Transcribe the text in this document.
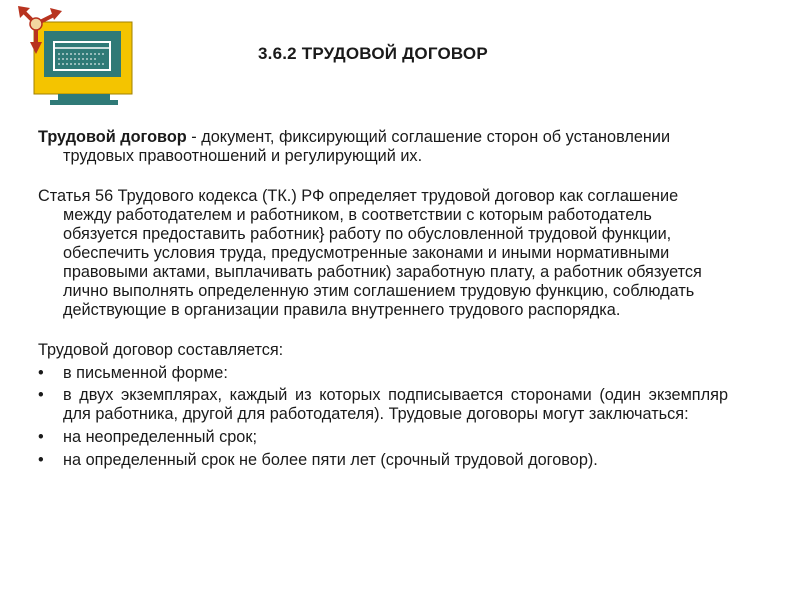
3.6.2 ТРУДОВОЙ ДОГОВОР

Трудовой договор - документ, фиксирующий соглашение сторон об установлении трудовых правоотношений и регулирующий их.

Статья 56 Трудового кодекса (ТК.) РФ определяет трудовой договор как соглашение между работодателем и работником, в соответствии с которым работодатель обязуется предоставить работник} работу по обусловленной трудовой функции, обеспечить условия труда, предусмотренные законами и иными нормативными правовыми актами, выплачивать работник) заработную плату, а работник обязуется лично выполнять определенную этим соглашением трудовую функцию, соблюдать действующие в организации правила внутреннего трудового распорядка.

Трудовой договор составляется:

• в письменной форме:
• в двух экземплярах, каждый из которых подписывается сторонами (один экземпляр для работника, другой для работодателя). Трудовые договоры могут заключаться:
• на неопределенный срок;
• на определенный срок не более пяти лет (срочный трудовой договор).
